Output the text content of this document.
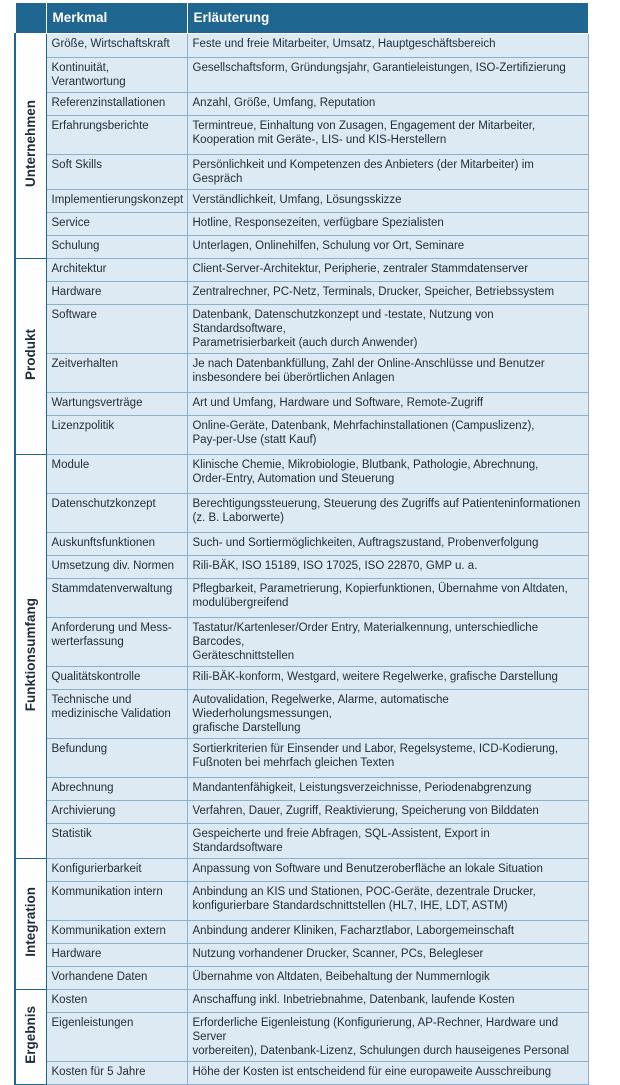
	Merkmal	Erläuterung
Unternehmen	Größe, Wirtschaftskraft	Feste und freie Mitarbeiter, Umsatz, Hauptgeschäftsbereich
	Kontinuität, Verantwortung	Gesellschaftsform, Gründungsjahr, Garantieleistungen, ISO-Zertifizierung
	Referenzinstallationen	Anzahl, Größe, Umfang, Reputation
	Erfahrungsberichte	Termintreue, Einhaltung von Zusagen, Engagement der Mitarbeiter,
Kooperation mit Geräte-, LIS- und KIS-Herstellern
	Soft Skills	Persönlichkeit und Kompetenzen des Anbieters (der Mitarbeiter) im Gespräch
	Implementierungskonzept	Verständlichkeit, Umfang, Lösungsskizze
	Service	Hotline, Responsezeiten, verfügbare Spezialisten
	Schulung	Unterlagen, Onlinehilfen, Schulung vor Ort, Seminare
Produkt	Architektur	Client-Server-Architektur, Peripherie, zentraler Stammdatenserver
	Hardware	Zentralrechner, PC-Netz, Terminals, Drucker, Speicher, Betriebssystem
	Software	Datenbank, Datenschutzkonzept und -testate, Nutzung von Standardsoftware,
Parametrisierbarkeit (auch durch Anwender)
	Zeitverhalten	Je nach Datenbankfüllung, Zahl der Online-Anschlüsse und Benutzer
insbesondere bei überörtlichen Anlagen
	Wartungsverträge	Art und Umfang, Hardware und Software, Remote-Zugriff
	Lizenzpolitik	Online-Geräte, Datenbank, Mehrfachinstallationen (Campuslizenz),
Pay-per-Use (statt Kauf)
Funktionsumfang	Module	Klinische Chemie, Mikrobiologie, Blutbank, Pathologie, Abrechnung,
Order-Entry, Automation und Steuerung
	Datenschutzkonzept	Berechtigungssteuerung, Steuerung des Zugriffs auf Patienteninformationen
(z. B. Laborwerte)
	Auskunftsfunktionen	Such- und Sortiermöglichkeiten, Auftragszustand, Probenverfolgung
	Umsetzung div. Normen	Rili-BÄK, ISO 15189, ISO 17025, ISO 22870, GMP u. a.
	Stammdatenverwaltung	Pflegbarkeit, Parametrierung, Kopierfunktionen, Übernahme von Altdaten,
modulübergreifend
	Anforderung und Mess-
werterfassung	Tastatur/Kartenleser/Order Entry, Materialkennung, unterschiedliche Barcodes,
Geräteschnittstellen
	Qualitätskontrolle	Rili-BÄK-konform, Westgard, weitere Regelwerke, grafische Darstellung
	Technische und
medizinische Validation	Autovalidation, Regelwerke, Alarme, automatische Wiederholungsmessungen,
grafische Darstellung
	Befundung	Sortierkriterien für Einsender und Labor, Regelsysteme, ICD-Kodierung,
Fußnoten bei mehrfach gleichen Texten
	Abrechnung	Mandantenfähigkeit, Leistungsverzeichnisse, Periodenabgrenzung
	Archivierung	Verfahren, Dauer, Zugriff, Reaktivierung, Speicherung von Bilddaten
	Statistik	Gespeicherte und freie Abfragen, SQL-Assistent, Export in Standardsoftware
Integration	Konfigurierbarkeit	Anpassung von Software und Benutzeroberfläche an lokale Situation
	Kommunikation intern	Anbindung an KIS und Stationen, POC-Geräte, dezentrale Drucker,
konfigurierbare Standardschnittstellen (HL7, IHE, LDT, ASTM)
	Kommunikation extern	Anbindung anderer Kliniken, Facharztlabor, Laborgemeinschaft
	Hardware	Nutzung vorhandener Drucker, Scanner, PCs, Belegleser
	Vorhandene Daten	Übernahme von Altdaten, Beibehaltung der Nummernlogik
Ergebnis	Kosten	Anschaffung inkl. Inbetriebnahme, Datenbank, laufende Kosten
	Eigenleistungen	Erforderliche Eigenleistung (Konfigurierung, AP-Rechner, Hardware und Server
vorbereiten), Datenbank-Lizenz, Schulungen durch hauseigenes Personal
	Kosten für 5 Jahre	Höhe der Kosten ist entscheidend für eine europaweite Ausschreibung
